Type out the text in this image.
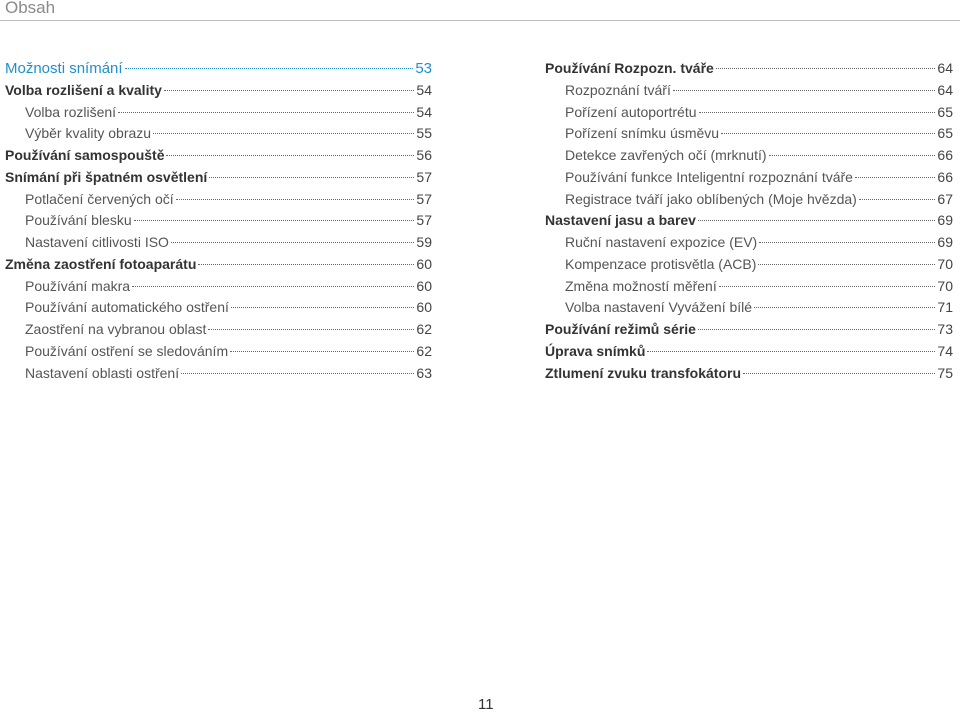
Obsah
Možnosti snímání	53
Volba rozlišení a kvality	54
Volba rozlišení	54
Výběr kvality obrazu	55
Používání samospouště	56
Snímání při špatném osvětlení	57
Potlačení červených očí	57
Používání blesku	57
Nastavení citlivosti ISO	59
Změna zaostření fotoaparátu	60
Používání makra	60
Používání automatického ostření	60
Zaostření na vybranou oblast	62
Používání ostření se sledováním	62
Nastavení oblasti ostření	63
Používání Rozpozn. tváře	64
Rozpoznání tváří	64
Pořízení autoportrétu	65
Pořízení snímku úsměvu	65
Detekce zavřených očí (mrknutí)	66
Používání funkce Inteligentní rozpoznání tváře	66
Registrace tváří jako oblíbených (Moje hvězda)	67
Nastavení jasu a barev	69
Ruční nastavení expozice (EV)	69
Kompenzace protisvětla (ACB)	70
Změna možností měření	70
Volba nastavení Vyvážení bílé	71
Používání režimů série	73
Úprava snímků	74
Ztlumení zvuku transfokátoru	75
11
